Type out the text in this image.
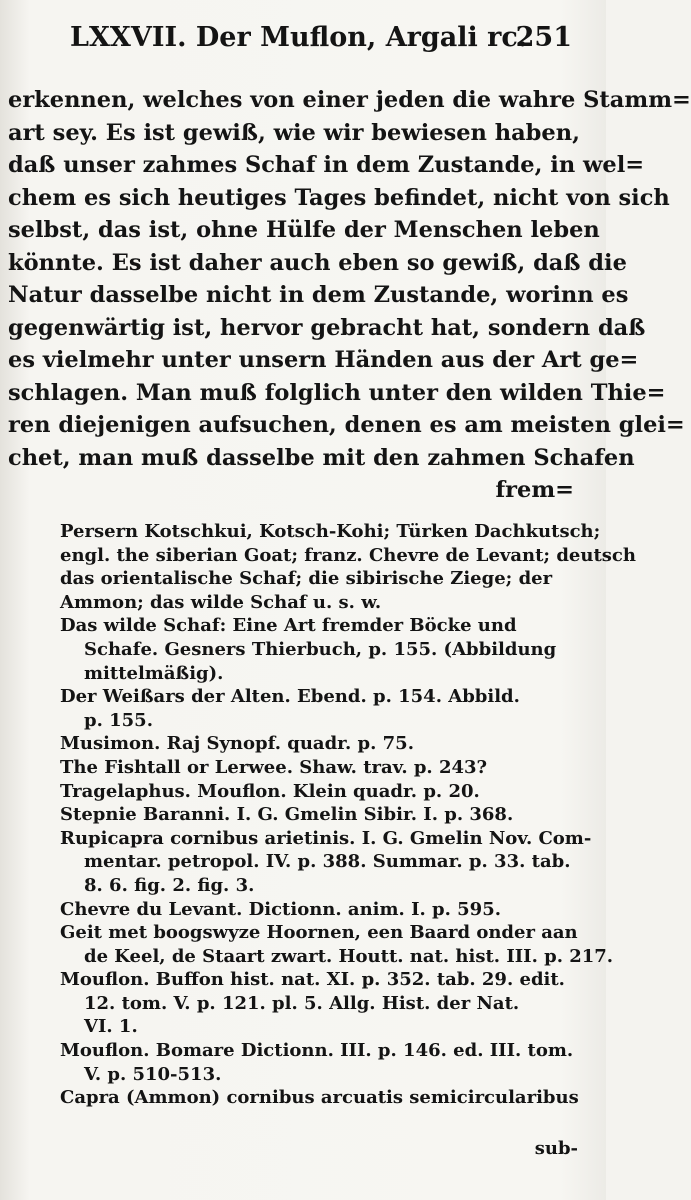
LXXVII. Der Muflon, Argali rc.
251
erkennen, welches von einer jeden die wahre Stamm=
art sey. Es ist gewiß, wie wir bewiesen haben,
daß unser zahmes Schaf in dem Zustande, in wel=
chem es sich heutiges Tages befindet, nicht von sich
selbst, das ist, ohne Hülfe der Menschen leben
könnte. Es ist daher auch eben so gewiß, daß die
Natur dasselbe nicht in dem Zustande, worinn es
gegenwärtig ist, hervor gebracht hat, sondern daß
es vielmehr unter unsern Händen aus der Art ge=
schlagen. Man muß folglich unter den wilden Thie=
ren diejenigen aufsuchen, denen es am meisten glei=
chet, man muß dasselbe mit den zahmen Schafen
frem=
Persern Kotschkui, Kotsch-Kohi; Türken Dachkutsch;
engl. the siberian Goat; franz. Chevre de Levant; deutsch
das orientalische Schaf; die sibirische Ziege; der
Ammon; das wilde Schaf u. s. w.
Das wilde Schaf: Eine Art fremder Böcke und
Schafe. Gesners Thierbuch, p. 155. (Abbildung
mittelmäßig).
Der Weißars der Alten. Ebend. p. 154. Abbild.
p. 155.
Musimon. Raj Synopf. quadr. p. 75.
The Fishtall or Lerwee. Shaw. trav. p. 243?
Tragelaphus. Mouflon. Klein quadr. p. 20.
Stepnie Baranni. I. G. Gmelin Sibir. I. p. 368.
Rupicapra cornibus arietinis. I. G. Gmelin Nov. Com-
mentar. petropol. IV. p. 388. Summar. p. 33. tab.
8. 6. fig. 2. fig. 3.
Chevre du Levant. Dictionn. anim. I. p. 595.
Geit met boogswyze Hoornen, een Baard onder aan
de Keel, de Staart zwart. Houtt. nat. hist. III. p. 217.
Mouflon. Buffon hist. nat. XI. p. 352. tab. 29. edit.
12. tom. V. p. 121. pl. 5. Allg. Hist. der Nat.
VI. 1.
Mouflon. Bomare Dictionn. III. p. 146. ed. III. tom.
V. p. 510-513.
Capra (Ammon) cornibus arcuatis semicircularibus
sub-
